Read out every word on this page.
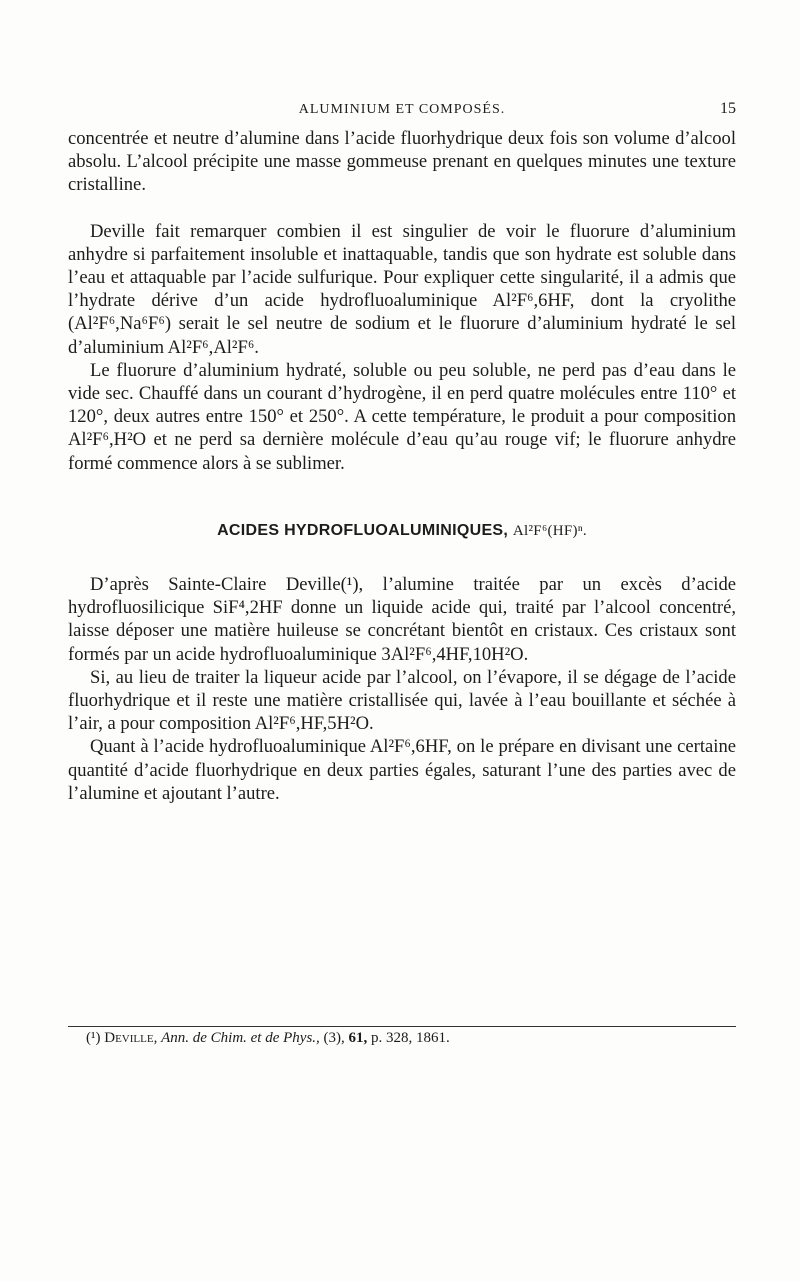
ALUMINIUM ET COMPOSÉS.	15

concentrée et neutre d’alumine dans l’acide fluorhydrique deux fois son volume d’alcool absolu. L’alcool précipite une masse gommeuse prenant en quelques minutes une texture cristalline.

Deville fait remarquer combien il est singulier de voir le fluorure d’aluminium anhydre si parfaitement insoluble et inattaquable, tandis que son hydrate est soluble dans l’eau et attaquable par l’acide sulfurique. Pour expliquer cette singularité, il a admis que l’hydrate dérive d’un acide hydrofluoaluminique Al²F⁶,6HF, dont la cryolithe (Al²F⁶,Na⁶F⁶) serait le sel neutre de sodium et le fluorure d’aluminium hydraté le sel d’aluminium Al²F⁶,Al²F⁶.

Le fluorure d’aluminium hydraté, soluble ou peu soluble, ne perd pas d’eau dans le vide sec. Chauffé dans un courant d’hydrogène, il en perd quatre molécules entre 110° et 120°, deux autres entre 150° et 250°. A cette température, le produit a pour composition Al²F⁶,H²O et ne perd sa dernière molécule d’eau qu’au rouge vif; le fluorure anhydre formé commence alors à se sublimer.

ACIDES HYDROFLUOALUMINIQUES, Al²F⁶(HF)ⁿ.

D’après Sainte-Claire Deville(¹), l’alumine traitée par un excès d’acide hydrofluosilicique SiF⁴,2HF donne un liquide acide qui, traité par l’alcool concentré, laisse déposer une matière huileuse se concrétant bientôt en cristaux. Ces cristaux sont formés par un acide hydrofluoaluminique 3Al²F⁶,4HF,10H²O.

Si, au lieu de traiter la liqueur acide par l’alcool, on l’évapore, il se dégage de l’acide fluorhydrique et il reste une matière cristallisée qui, lavée à l’eau bouillante et séchée à l’air, a pour composition Al²F⁶,HF,5H²O.

Quant à l’acide hydrofluoaluminique Al²F⁶,6HF, on le prépare en divisant une certaine quantité d’acide fluorhydrique en deux parties égales, saturant l’une des parties avec de l’alumine et ajoutant l’autre.

(¹) Deville, Ann. de Chim. et de Phys., (3), 61, p. 328, 1861.
